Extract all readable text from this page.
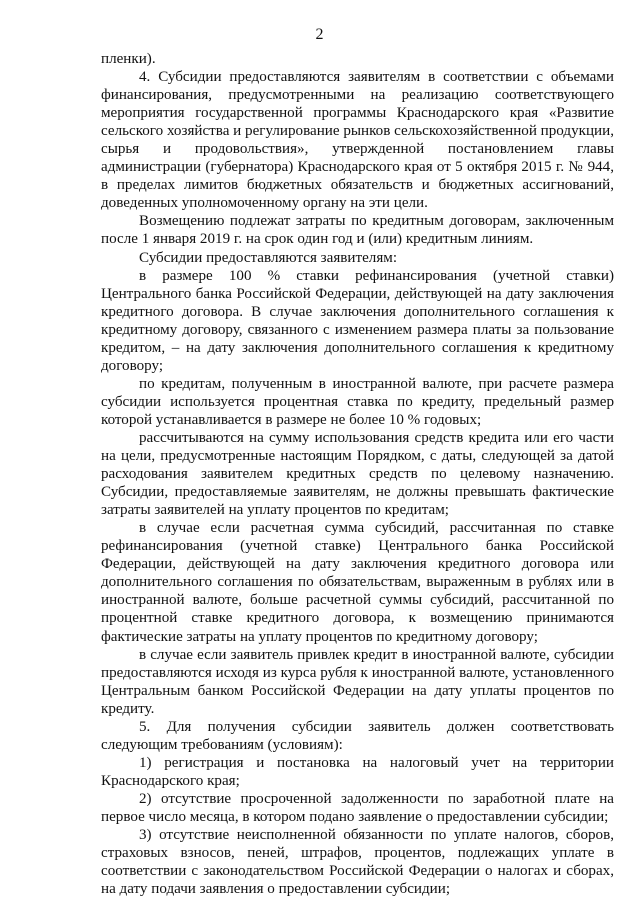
2

пленки).

4. Субсидии предоставляются заявителям в соответствии с объемами финансирования, предусмотренными на реализацию соответствующего мероприятия государственной программы Краснодарского края «Развитие сельского хозяйства и регулирование рынков сельскохозяйственной продукции, сырья и продовольствия», утвержденной постановлением главы администрации (губернатора) Краснодарского края от 5 октября 2015 г. № 944, в пределах лимитов бюджетных обязательств и бюджетных ассигнований, доведенных уполномоченному органу на эти цели.

Возмещению подлежат затраты по кредитным договорам, заключенным после 1 января 2019 г. на срок один год и (или) кредитным линиям.

Субсидии предоставляются заявителям:

в размере 100 % ставки рефинансирования (учетной ставки) Центрального банка Российской Федерации, действующей на дату заключения кредитного договора. В случае заключения дополнительного соглашения к кредитному договору, связанного с изменением размера платы за пользование кредитом, – на дату заключения дополнительного соглашения к кредитному договору;

по кредитам, полученным в иностранной валюте, при расчете размера субсидии используется процентная ставка по кредиту, предельный размер которой устанавливается в размере не более 10 % годовых;

рассчитываются на сумму использования средств кредита или его части на цели, предусмотренные настоящим Порядком, с даты, следующей за датой расходования заявителем кредитных средств по целевому назначению. Субсидии, предоставляемые заявителям, не должны превышать фактические затраты заявителей на уплату процентов по кредитам;

в случае если расчетная сумма субсидий, рассчитанная по ставке рефинансирования (учетной ставке) Центрального банка Российской Федерации, действующей на дату заключения кредитного договора или дополнительного соглашения по обязательствам, выраженным в рублях или в иностранной валюте, больше расчетной суммы субсидий, рассчитанной по процентной ставке кредитного договора, к возмещению принимаются фактические затраты на уплату процентов по кредитному договору;

в случае если заявитель привлек кредит в иностранной валюте, субсидии предоставляются исходя из курса рубля к иностранной валюте, установленного Центральным банком Российской Федерации на дату уплаты процентов по кредиту.

5. Для получения субсидии заявитель должен соответствовать следующим требованиям (условиям):

1) регистрация и постановка на налоговый учет на территории Краснодарского края;

2) отсутствие просроченной задолженности по заработной плате на первое число месяца, в котором подано заявление о предоставлении субсидии;

3) отсутствие неисполненной обязанности по уплате налогов, сборов, страховых взносов, пеней, штрафов, процентов, подлежащих уплате в соответствии с законодательством Российской Федерации о налогах и сборах, на дату подачи заявления о предоставлении субсидии;
